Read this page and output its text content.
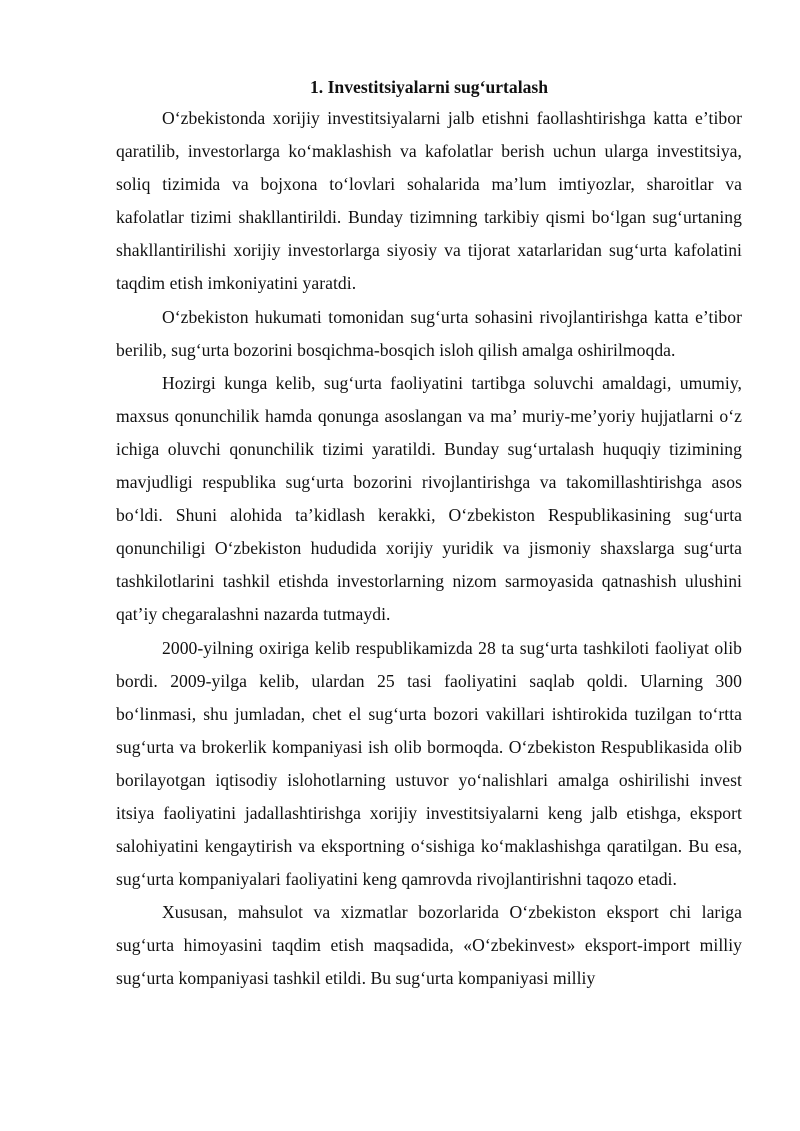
1. Investitsiyalarni sug‘urtalash

O‘zbekistonda xorijiy investitsiyalarni jalb etishni faollashtirishga katta e’tibor qaratilib, investorlarga ko‘maklashish va kafolatlar berish uchun ularga investitsiya, soliq tizimida va bojxona to‘lovlari sohalarida ma’lum imtiyozlar, sharoitlar va kafolatlar tizimi shakllantirildi. Bunday tizimning tarkibiy qismi bo‘lgan sug‘urtaning shakllantirilishi xorijiy investorlarga siyosiy va tijorat xatarlaridan sug‘urta kafolatini taqdim etish imkoniyatini yaratdi.

O‘zbekiston hukumati tomonidan sug‘urta sohasini rivojlantirishga katta e’tibor berilib, sug‘urta bozorini bosqichma-bosqich isloh qilish amalga oshirilmoqda.

Hozirgi kunga kelib, sug‘urta faoliyatini tartibga soluvchi amaldagi, umumiy, maxsus qonunchilik hamda qonunga asoslangan va ma’ muriy-me’yoriy hujjatlarni o‘z ichiga oluvchi qonunchilik tizimi yaratildi. Bunday sug‘urtalash huquqiy tizimining mavjudligi respublika sug‘urta bozorini rivojlantirishga va takomillashtirishga asos bo‘ldi. Shuni alohida ta’kidlash kerakki, O‘zbekiston Respublikasining sug‘urta qonunchiligi O‘zbekiston hududida xorijiy yuridik va jismoniy shaxslarga sug‘urta tashkilotlarini tashkil etishda investorlarning nizom sarmoyasida qatnashish ulushini qat’iy chegaralashni nazarda tutmaydi.

2000-yilning oxiriga kelib respublikamizda 28 ta sug‘urta tashkiloti faoliyat olib bordi. 2009-yilga kelib, ulardan 25 tasi faoliyatini saqlab qoldi. Ularning 300 bo‘linmasi, shu jumladan, chet el sug‘urta bozori vakillari ishtirokida tuzilgan to‘rtta sug‘urta va brokerlik kompaniyasi ish olib bormoqda. O‘zbekiston Respublikasida olib borilayotgan iqtisodiy islohotlarning ustuvor yo‘nalishlari amalga oshirilishi invest itsiya faoliyatini jadallashtirishga xorijiy investitsiyalarni keng jalb etishga, eksport salohiyatini kengaytirish va eksportning o‘sishiga ko‘maklashishga qaratilgan. Bu esa, sug‘urta kompaniyalari faoliyatini keng qamrovda rivojlantirishni taqozo etadi.

Xususan, mahsulot va xizmatlar bozorlarida O‘zbekiston eksport chi lariga sug‘urta himoyasini taqdim etish maqsadida, «O‘zbekinvest» eksport-import milliy sug‘urta kompaniyasi tashkil etildi. Bu sug‘urta kompaniyasi milliy
